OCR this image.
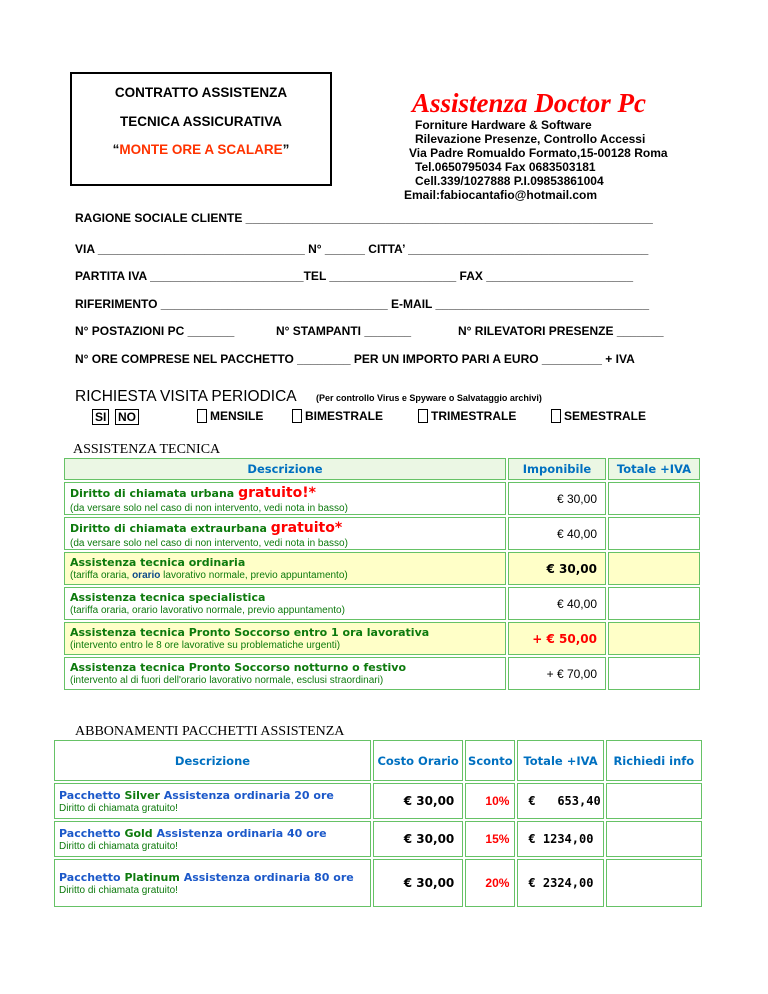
CONTRATTO ASSISTENZA
TECNICA ASSICURATIVA
“MONTE ORE A SCALARE”
Assistenza Doctor Pc
Forniture Hardware & Software
Rilevazione Presenze, Controllo Accessi
Via Padre Romualdo Formato,15-00128 Roma
Tel.0650795034 Fax 0683503181
Cell.339/1027888 P.I.09853861004
Email:fabiocantafio@hotmail.com
RAGIONE SOCIALE CLIENTE _____________________________________________________________
VIA _______________________________ N° ______ CITTA’ ____________________________________
PARTITA IVA _______________________TEL ___________________ FAX ______________________
RIFERIMENTO __________________________________ E-MAIL ________________________________
N° POSTAZIONI PC _______	N° STAMPANTI _______	N° RILEVATORI PRESENZE _______
N° ORE COMPRESE NEL PACCHETTO ________ PER UN IMPORTO PARI A EURO _________ + IVA
RICHIESTA VISITA PERIODICA (Per controllo Virus e Spyware o Salvataggio archivi)
SI NO	MENSILE	BIMESTRALE	TRIMESTRALE	SEMESTRALE
ASSISTENZA TECNICA
Descrizione	Imponibile	Totale +IVA

Diritto di chiamata urbana gratuito!*
(da versare solo nel caso di non intervento, vedi nota in basso)	€ 30,00	

Diritto di chiamata extraurbana gratuito*
(da versare solo nel caso di non intervento, vedi nota in basso)	€ 40,00	

Assistenza tecnica ordinaria
(tariffa oraria, orario lavorativo normale, previo appuntamento)	€ 30,00	

Assistenza tecnica specialistica
(tariffa oraria, orario lavorativo normale, previo appuntamento)	€ 40,00	

Assistenza tecnica Pronto Soccorso entro 1 ora lavorativa
(intervento entro le 8 ore lavorative su problematiche urgenti)	+ € 50,00	

Assistenza tecnica Pronto Soccorso notturno o festivo
(intervento al di fuori dell'orario lavorativo normale, esclusi straordinari)	+ € 70,00	
ABBONAMENTI PACCHETTI ASSISTENZA
Descrizione	Costo Orario	Sconto	Totale +IVA	Richiedi info

Pacchetto Silver Assistenza ordinaria 20 ore
Diritto di chiamata gratuito!	€ 30,00	10%	€   653,40	

Pacchetto Gold Assistenza ordinaria 40 ore
Diritto di chiamata gratuito!	€ 30,00	15%	€ 1234,00	

Pacchetto Platinum Assistenza ordinaria 80 ore
Diritto di chiamata gratuito!	€ 30,00	20%	€ 2324,00	
